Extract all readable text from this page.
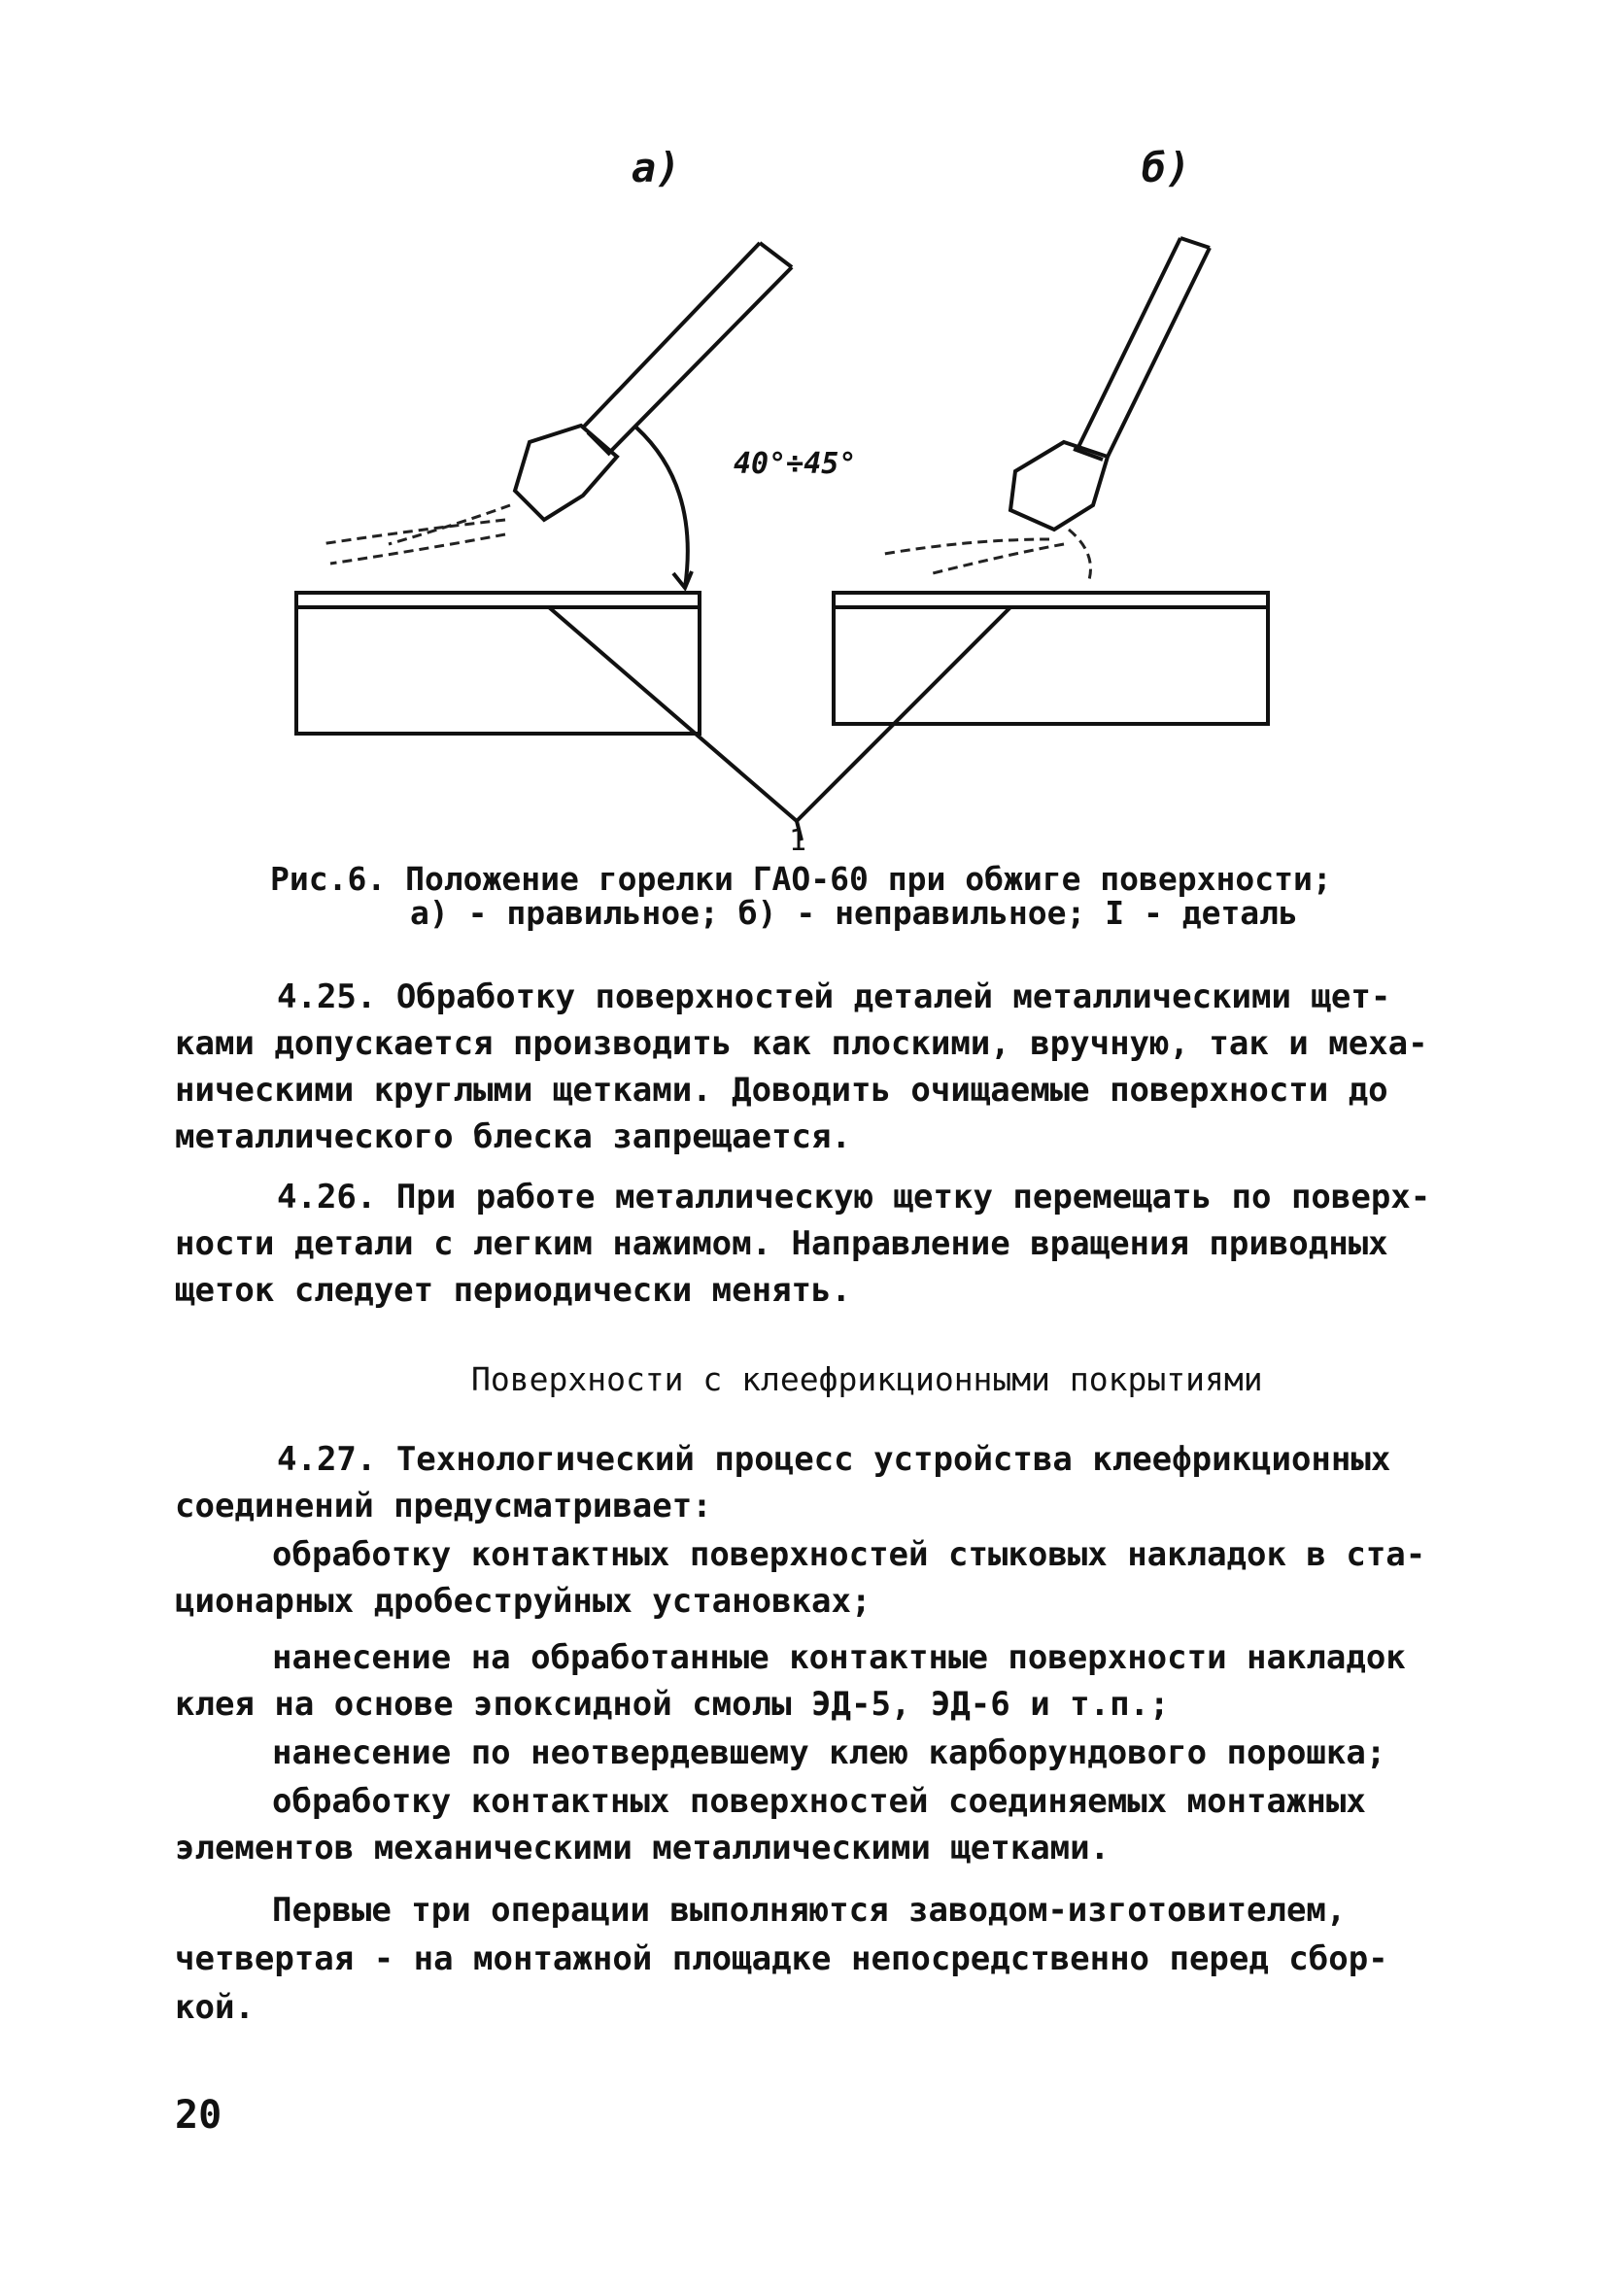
а)	б)
40°÷45°
1
Рис.6. Положение горелки ГАО-60 при обжиге поверхности;
а) - правильное; б) - неправильное; I - деталь
4.25. Обработку поверхностей деталей металлическими щет-
ками допускается производить как плоскими, вручную, так и меха-
ническими круглыми щетками. Доводить очищаемые поверхности до
металлического блеска запрещается.
4.26. При работе металлическую щетку перемещать по поверх-
ности детали с легким нажимом. Направление вращения приводных
щеток следует периодически менять.
Поверхности с клеефрикционными покрытиями
4.27. Технологический процесс устройства клеефрикционных
соединений предусматривает:
обработку контактных поверхностей стыковых накладок в ста-
ционарных дробеструйных установках;
нанесение на обработанные контактные поверхности накладок
клея на основе эпоксидной смолы ЭД-5, ЭД-6 и т.п.;
нанесение по неотвердевшему клею карборундового порошка;
обработку контактных поверхностей соединяемых монтажных
элементов механическими металлическими щетками.
Первые три операции выполняются заводом-изготовителем,
четвертая - на монтажной площадке непосредственно перед сбор-
кой.
20
